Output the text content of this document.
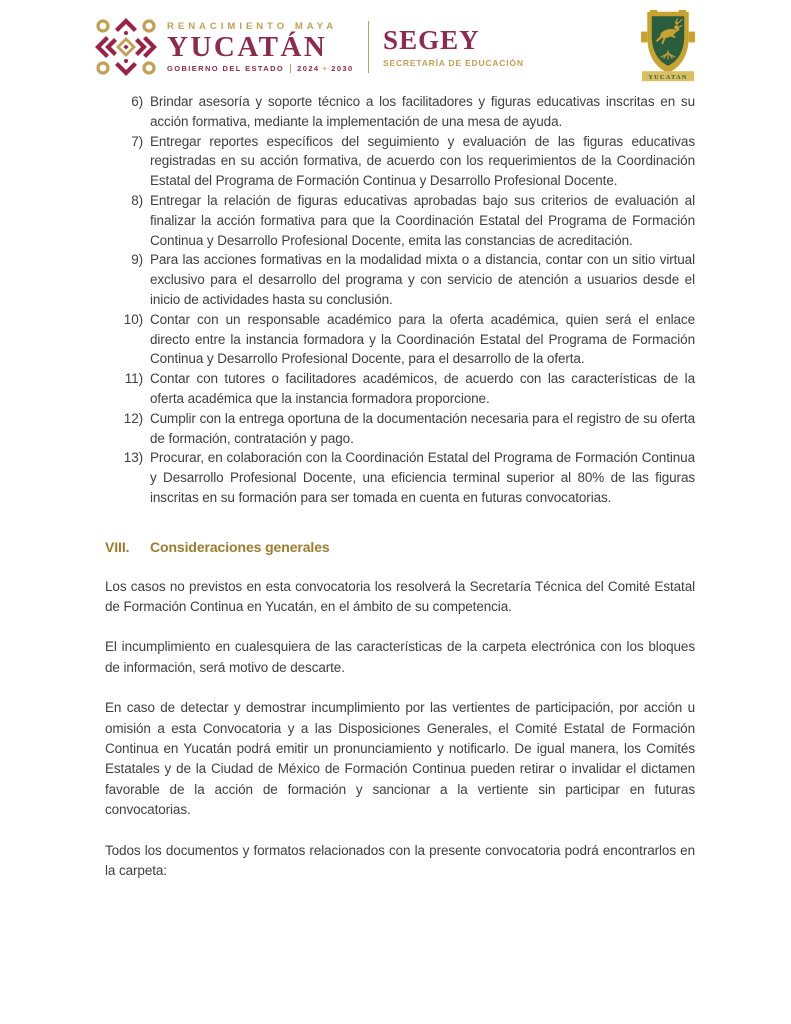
RENACIMIENTO MAYA
YUCATÁN
GOBIERNO DEL ESTADO 2024 + 2030
SEGEY
SECRETARÍA DE EDUCACIÓN
YUCATAN
6) Brindar asesoría y soporte técnico a los facilitadores y figuras educativas inscritas en su acción formativa, mediante la implementación de una mesa de ayuda.
7) Entregar reportes específicos del seguimiento y evaluación de las figuras educativas registradas en su acción formativa, de acuerdo con los requerimientos de la Coordinación Estatal del Programa de Formación Continua y Desarrollo Profesional Docente.
8) Entregar la relación de figuras educativas aprobadas bajo sus criterios de evaluación al finalizar la acción formativa para que la Coordinación Estatal del Programa de Formación Continua y Desarrollo Profesional Docente, emita las constancias de acreditación.
9) Para las acciones formativas en la modalidad mixta o a distancia, contar con un sitio virtual exclusivo para el desarrollo del programa y con servicio de atención a usuarios desde el inicio de actividades hasta su conclusión.
10) Contar con un responsable académico para la oferta académica, quien será el enlace directo entre la instancia formadora y la Coordinación Estatal del Programa de Formación Continua y Desarrollo Profesional Docente, para el desarrollo de la oferta.
11) Contar con tutores o facilitadores académicos, de acuerdo con las características de la oferta académica que la instancia formadora proporcione.
12) Cumplir con la entrega oportuna de la documentación necesaria para el registro de su oferta de formación, contratación y pago.
13) Procurar, en colaboración con la Coordinación Estatal del Programa de Formación Continua y Desarrollo Profesional Docente, una eficiencia terminal superior al 80% de las figuras inscritas en su formación para ser tomada en cuenta en futuras convocatorias.
VIII.	Consideraciones generales

Los casos no previstos en esta convocatoria los resolverá la Secretaría Técnica del Comité Estatal de Formación Continua en Yucatán, en el ámbito de su competencia.

El incumplimiento en cualesquiera de las características de la carpeta electrónica con los bloques de información, será motivo de descarte.

En caso de detectar y demostrar incumplimiento por las vertientes de participación, por acción u omisión a esta Convocatoria y a las Disposiciones Generales, el Comité Estatal de Formación Continua en Yucatán podrá emitir un pronunciamiento y notificarlo. De igual manera, los Comités Estatales y de la Ciudad de México de Formación Continua pueden retirar o invalidar el dictamen favorable de la acción de formación y sancionar a la vertiente sin participar en futuras convocatorias.

Todos los documentos y formatos relacionados con la presente convocatoria podrá encontrarlos en la carpeta:
